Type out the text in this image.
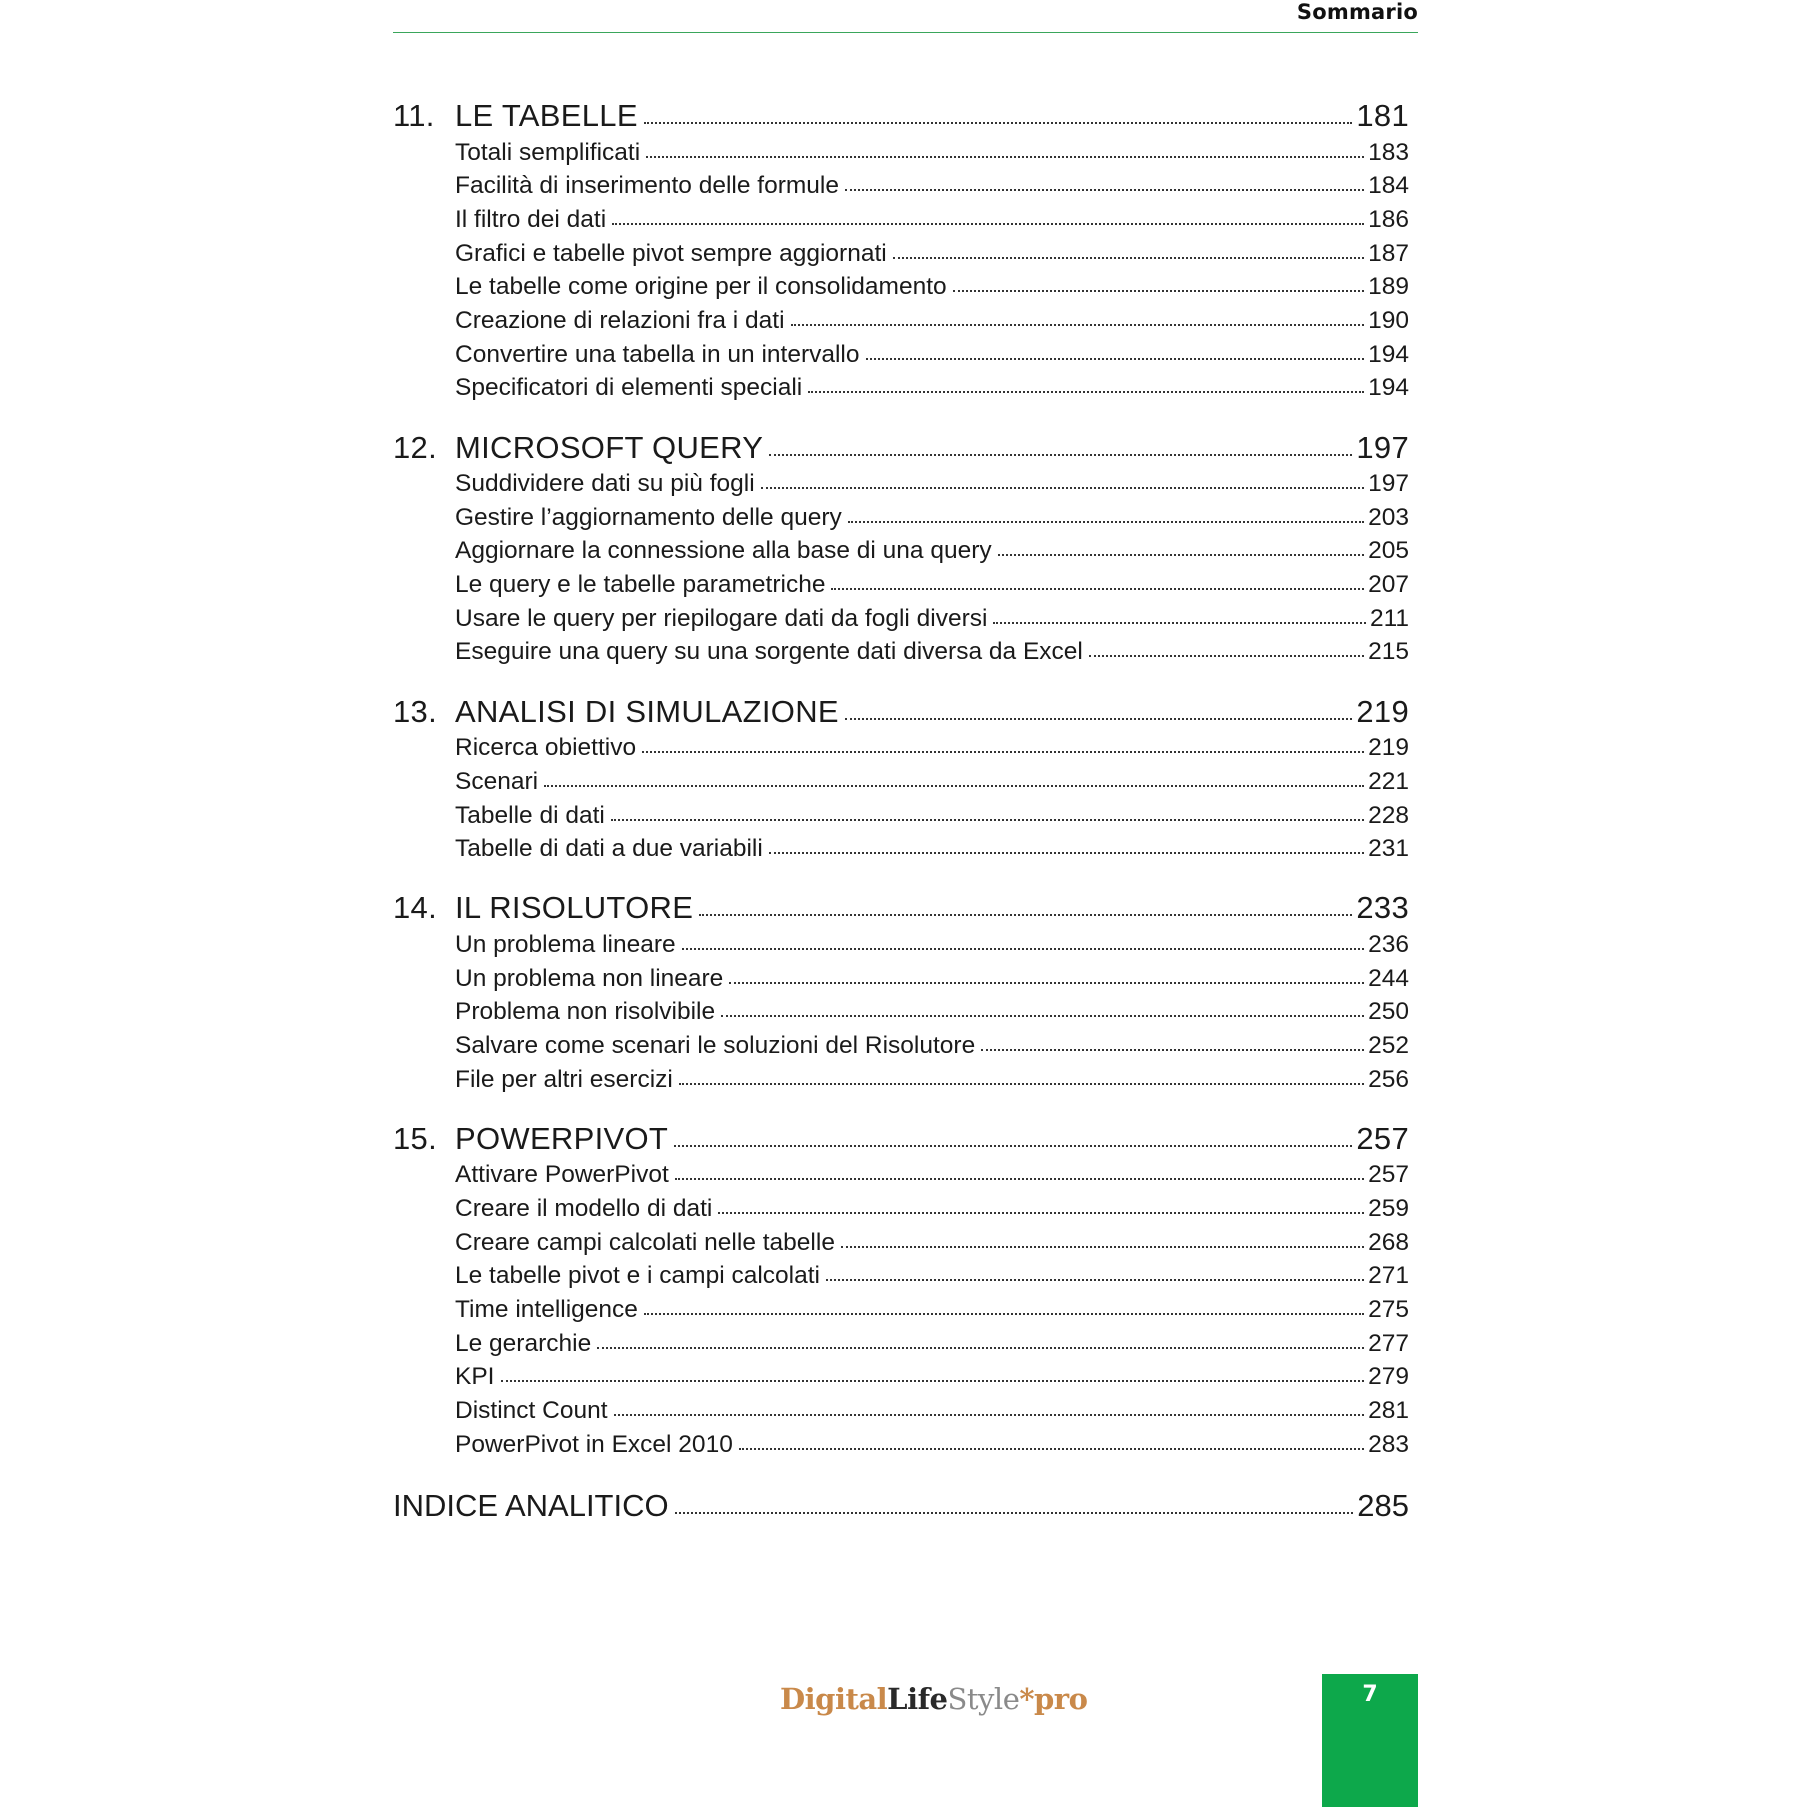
Sommario
11. LE TABELLE	181
Totali semplificati	183
Facilità di inserimento delle formule	184
Il filtro dei dati	186
Grafici e tabelle pivot sempre aggiornati	187
Le tabelle come origine per il consolidamento	189
Creazione di relazioni fra i dati	190
Convertire una tabella in un intervallo	194
Specificatori di elementi speciali	194
12. MICROSOFT QUERY	197
Suddividere dati su più fogli	197
Gestire l’aggiornamento delle query	203
Aggiornare la connessione alla base di una query	205
Le query e le tabelle parametriche	207
Usare le query per riepilogare dati da fogli diversi	211
Eseguire una query su una sorgente dati diversa da Excel	215
13. ANALISI DI SIMULAZIONE	219
Ricerca obiettivo	219
Scenari	221
Tabelle di dati	228
Tabelle di dati a due variabili	231
14. IL RISOLUTORE	233
Un problema lineare	236
Un problema non lineare	244
Problema non risolvibile	250
Salvare come scenari le soluzioni del Risolutore	252
File per altri esercizi	256
15. POWERPIVOT	257
Attivare PowerPivot	257
Creare il modello di dati	259
Creare campi calcolati nelle tabelle	268
Le tabelle pivot e i campi calcolati	271
Time intelligence	275
Le gerarchie	277
KPI	279
Distinct Count	281
PowerPivot in Excel 2010	283
INDICE ANALITICO	285
DigitalLifeStyle*pro	7
